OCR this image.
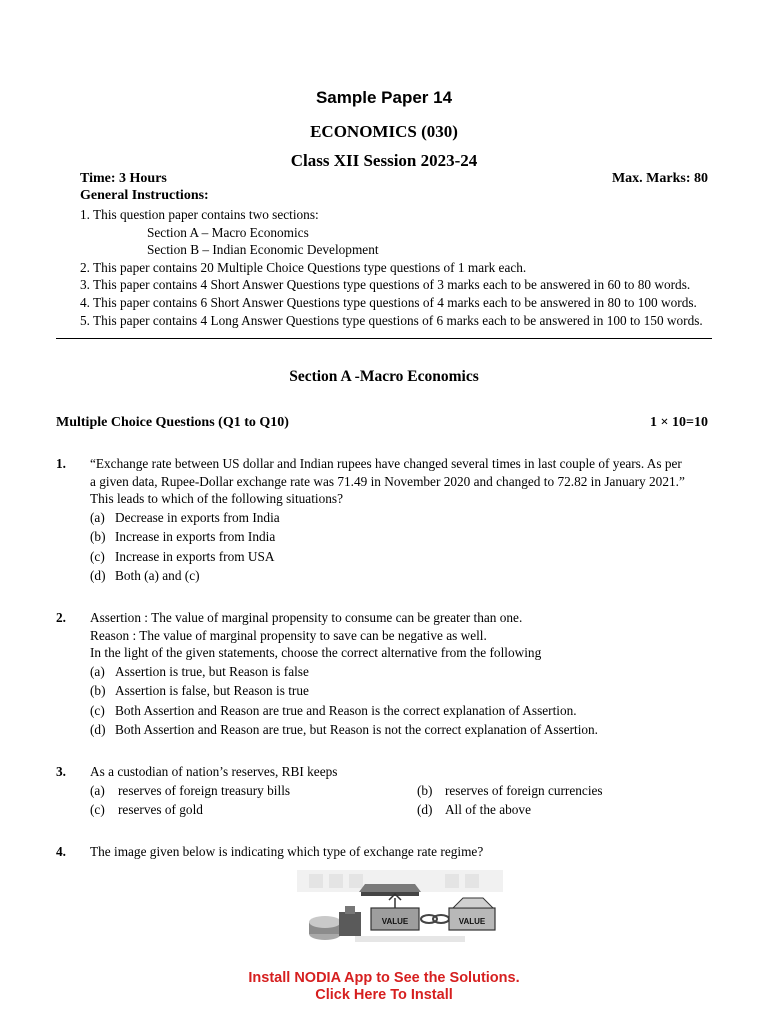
Sample Paper 14
ECONOMICS (030)
Class XII Session 2023-24
Time: 3 Hours	Max. Marks: 80
General Instructions:
1. This question paper contains two sections:
Section A – Macro Economics
Section B – Indian Economic Development
2. This paper contains 20 Multiple Choice Questions type questions of 1 mark each.
3. This paper contains 4 Short Answer Questions type questions of 3 marks each to be answered in 60 to 80 words.
4. This paper contains 6 Short Answer Questions type questions of 4 marks each to be answered in 80 to 100 words.
5. This paper contains 4 Long Answer Questions type questions of 6 marks each to be answered in 100 to 150 words.
Section A -Macro Economics
Multiple Choice Questions (Q1 to Q10)	1 × 10=10
1.	“Exchange rate between US dollar and Indian rupees have changed several times in last couple of years. As per
a given data, Rupee-Dollar exchange rate was 71.49 in November 2020 and changed to 72.82 in January 2021.”
This leads to which of the following situations?
(a) Decrease in exports from India
(b) Increase in exports from India
(c) Increase in exports from USA
(d) Both (a) and (c)
2.	Assertion : The value of marginal propensity to consume can be greater than one.
Reason : The value of marginal propensity to save can be negative as well.
In the light of the given statements, choose the correct alternative from the following
(a) Assertion is true, but Reason is false
(b) Assertion is false, but Reason is true
(c) Both Assertion and Reason are true and Reason is the correct explanation of Assertion.
(d) Both Assertion and Reason are true, but Reason is not the correct explanation of Assertion.
3.	As a custodian of nation’s reserves, RBI keeps
(a) reserves of foreign treasury bills
(c) reserves of gold
(b) reserves of foreign currencies
(d) All of the above
4.	The image given below is indicating which type of exchange rate regime?
VALUE	VALUE
Install NODIA App to See the Solutions.
Click Here To Install
